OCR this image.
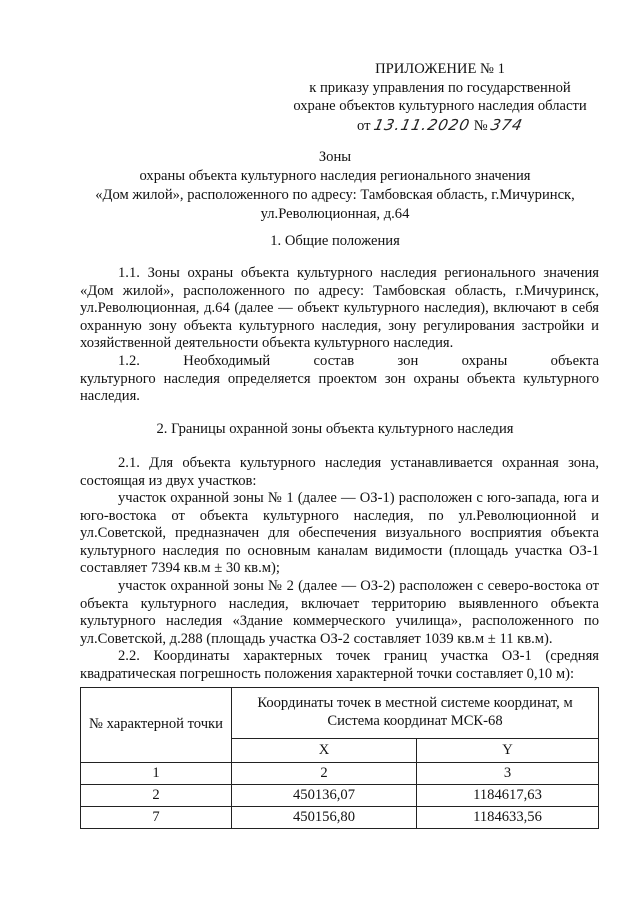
ПРИЛОЖЕНИЕ № 1
к приказу управления по государственной
охране объектов культурного наследия области
от 13.11.2020 № 374
Зоны
охраны объекта культурного наследия регионального значения
«Дом жилой», расположенного по адресу: Тамбовская область, г.Мичуринск,
ул.Революционная, д.64
1. Общие положения
1.1. Зоны охраны объекта культурного наследия регионального значения «Дом жилой», расположенного по адресу: Тамбовская область, г.Мичуринск, ул.Революционная, д.64 (далее — объект культурного наследия), включают в себя охранную зону объекта культурного наследия, зону регулирования застройки и хозяйственной деятельности объекта культурного наследия.
1.2. Необходимый состав зон охраны объекта
культурного наследия определяется проектом зон охраны объекта культурного наследия.
2. Границы охранной зоны объекта культурного наследия
2.1. Для объекта культурного наследия устанавливается охранная зона, состоящая из двух участков:
участок охранной зоны № 1 (далее — ОЗ-1) расположен с юго-запада, юга и юго-востока от объекта культурного наследия, по ул.Революционной и ул.Советской, предназначен для обеспечения визуального восприятия объекта культурного наследия по основным каналам видимости (площадь участка ОЗ-1 составляет 7394 кв.м ± 30 кв.м);
участок охранной зоны № 2 (далее — ОЗ-2) расположен с северо-востока от объекта культурного наследия, включает территорию выявленного объекта культурного наследия «Здание коммерческого училища», расположенного по ул.Советской, д.288 (площадь участка ОЗ-2 составляет 1039 кв.м ± 11 кв.м).
2.2. Координаты характерных точек границ участка ОЗ-1 (средняя квадратическая погрешность положения характерной точки составляет 0,10 м):
№ характерной точки	Координаты точек в местной системе координат, м
Система координат МСК-68	

	X	Y
1	2	3
2	450136,07	1184617,63
7	450156,80	1184633,56
